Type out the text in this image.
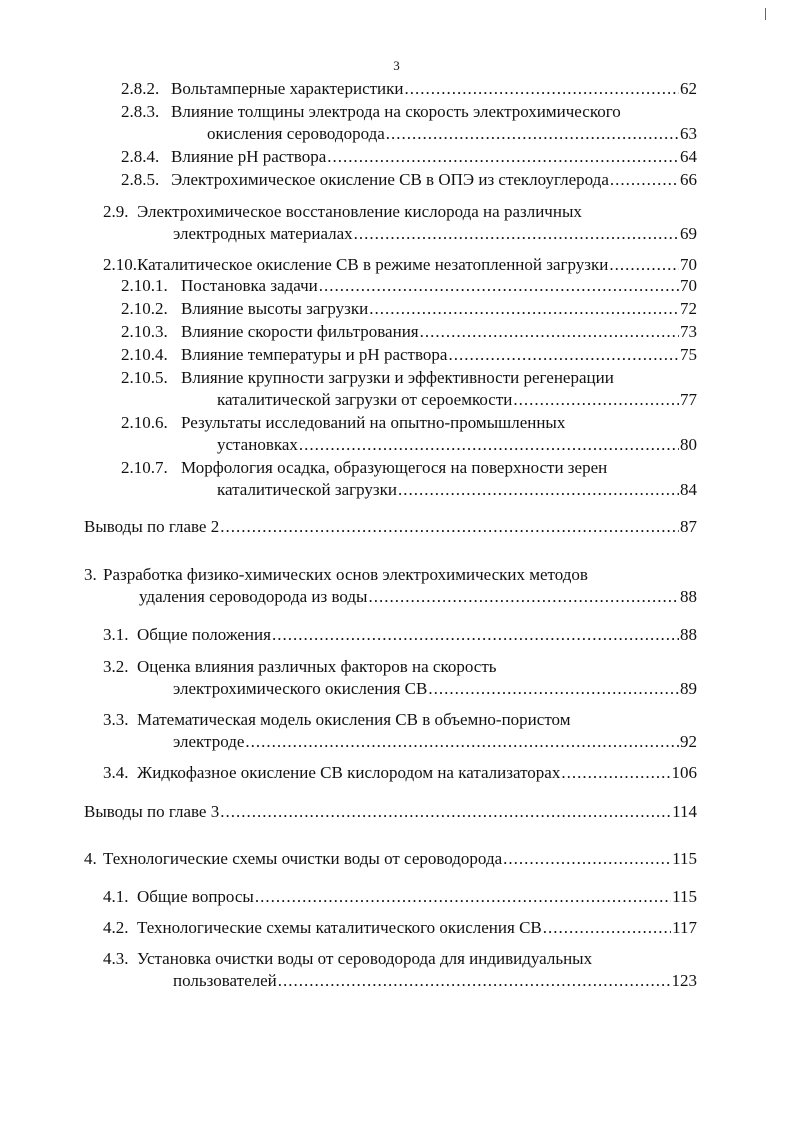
3
2.8.2. Вольтамперные характеристики .....	62
2.8.3. Влияние толщины электрода на скорость электрохимического
окисления сероводорода .....	63
2.8.4. Влияние pH раствора .....	64
2.8.5. Электрохимическое окисление СВ в ОПЭ из стеклоуглерода .....	66
2.9. Электрохимическое восстановление кислорода на различных
электродных материалах .....	69
2.10. Каталитическое окисление СВ в режиме незатопленной загрузки .....	70
2.10.1. Постановка задачи .....	70
2.10.2. Влияние высоты загрузки .....	72
2.10.3. Влияние скорости фильтрования .....	73
2.10.4. Влияние температуры и pH раствора .....	75
2.10.5. Влияние крупности загрузки и эффективности регенерации
каталитической загрузки от сероемкости .....	77
2.10.6. Результаты исследований на опытно-промышленных
установках .....	80
2.10.7. Морфология осадка, образующегося на поверхности зерен
каталитической загрузки .....	84
Выводы по главе 2 .....	87
3. Разработка физико-химических основ электрохимических методов
удаления сероводорода из воды .....	88
3.1. Общие положения .....	88
3.2. Оценка влияния различных факторов на скорость
электрохимического окисления СВ .....	89
3.3. Математическая модель окисления СВ в объемно-пористом
электроде .....	92
3.4. Жидкофазное окисление СВ кислородом на катализаторах .....	106
Выводы по главе 3 .....	114
4. Технологические схемы очистки воды от сероводорода .....	115
4.1. Общие вопросы .....	115
4.2. Технологические схемы каталитического окисления СВ .....	117
4.3. Установка очистки воды от сероводорода для индивидуальных
пользователей .....	123
